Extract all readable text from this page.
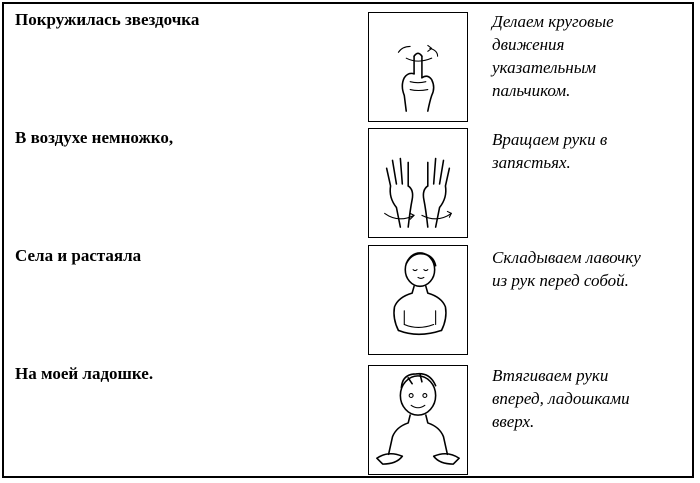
Покружилась звездочка	Делаем круговые
движения
указательным
пальчиком.
В воздухе немножко,	Вращаем руки в
запястьях.
Села и растаяла	Складываем лавочку
из рук перед собой.
На моей ладошке.	Втягиваем руки
вперед, ладошками
вверх.
